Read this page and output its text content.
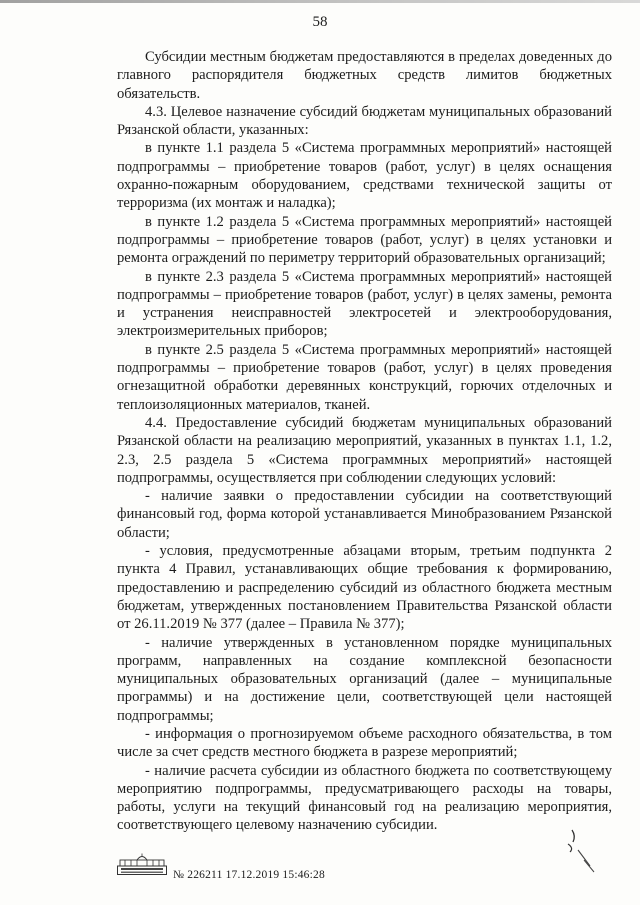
58

Субсидии местным бюджетам предоставляются в пределах доведенных до главного распорядителя бюджетных средств лимитов бюджетных обязательств.

4.3. Целевое назначение субсидий бюджетам муниципальных образований Рязанской области, указанных:

в пункте 1.1 раздела 5 «Система программных мероприятий» настоящей подпрограммы – приобретение товаров (работ, услуг) в целях оснащения охранно-пожарным оборудованием, средствами технической защиты от терроризма (их монтаж и наладка);

в пункте 1.2 раздела 5 «Система программных мероприятий» настоящей подпрограммы – приобретение товаров (работ, услуг) в целях установки и ремонта ограждений по периметру территорий образовательных организаций;

в пункте 2.3 раздела 5 «Система программных мероприятий» настоящей подпрограммы – приобретение товаров (работ, услуг) в целях замены, ремонта и устранения неисправностей электросетей и электрооборудования, электроизмерительных приборов;

в пункте 2.5 раздела 5 «Система программных мероприятий» настоящей подпрограммы – приобретение товаров (работ, услуг) в целях проведения огнезащитной обработки деревянных конструкций, горючих отделочных и теплоизоляционных материалов, тканей.

4.4. Предоставление субсидий бюджетам муниципальных образований Рязанской области на реализацию мероприятий, указанных в пунктах 1.1, 1.2, 2.3, 2.5 раздела 5 «Система программных мероприятий» настоящей подпрограммы, осуществляется при соблюдении следующих условий:

- наличие заявки о предоставлении субсидии на соответствующий финансовый год, форма которой устанавливается Минобразованием Рязанской области;

- условия, предусмотренные абзацами вторым, третьим подпункта 2 пункта 4 Правил, устанавливающих общие требования к формированию, предоставлению и распределению субсидий из областного бюджета местным бюджетам, утвержденных постановлением Правительства Рязанской области от 26.11.2019 № 377 (далее – Правила № 377);

- наличие утвержденных в установленном порядке муниципальных программ, направленных на создание комплексной безопасности муниципальных образовательных организаций (далее – муниципальные программы) и на достижение цели, соответствующей цели настоящей подпрограммы;

- информация о прогнозируемом объеме расходного обязательства, в том числе за счет средств местного бюджета в разрезе мероприятий;

- наличие расчета субсидии из областного бюджета по соответствующему мероприятию подпрограммы, предусматривающего расходы на товары, работы, услуги на текущий финансовый год на реализацию мероприятия, соответствующего целевому назначению субсидии.

№ 226211 17.12.2019 15:46:28
